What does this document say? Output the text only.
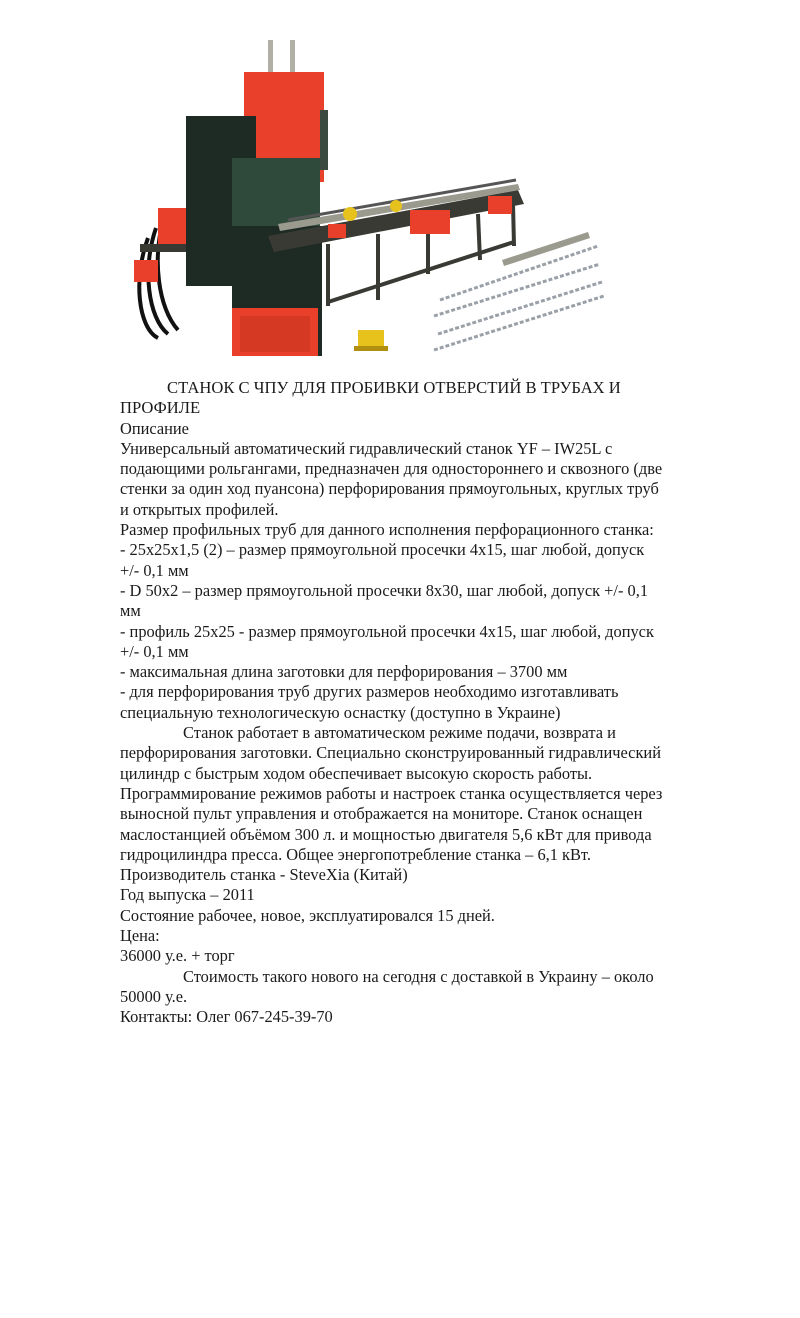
СТАНОК С ЧПУ ДЛЯ ПРОБИВКИ ОТВЕРСТИЙ В ТРУБАХ И

ПРОФИЛЕ

Описание

Универсальный автоматический гидравлический станок YF – IW25L с

подающими рольгангами, предназначен для одностороннего и сквозного (две

стенки за один ход пуансона) перфорирования прямоугольных, круглых труб

и открытых профилей.

Размер профильных труб для данного исполнения перфорационного станка:

- 25x25x1,5 (2) – размер прямоугольной просечки 4x15, шаг любой, допуск

+/- 0,1 мм

- D 50x2 – размер прямоугольной просечки 8x30, шаг любой, допуск +/- 0,1

мм

- профиль 25x25 - размер прямоугольной просечки 4x15, шаг любой, допуск

+/- 0,1 мм

- максимальная длина заготовки для перфорирования – 3700 мм

- для перфорирования труб других размеров необходимо изготавливать

специальную технологическую оснастку (доступно в Украине)

Станок работает в автоматическом режиме подачи, возврата и

перфорирования заготовки. Специально сконструированный гидравлический

цилиндр с быстрым ходом обеспечивает высокую скорость работы.

Программирование режимов работы и настроек станка осуществляется через

выносной пульт управления и отображается на мониторе. Станок оснащен

маслостанцией объёмом 300 л. и мощностью двигателя 5,6 кВт для привода

гидроцилиндра пресса. Общее энергопотребление станка – 6,1 кВт.

Производитель станка - SteveXia (Китай)

Год выпуска – 2011

Состояние рабочее, новое, эксплуатировался 15 дней.

Цена:

36000 у.е. + торг

Стоимость такого нового на сегодня с доставкой в Украину – около

50000 у.е.

Контакты: Олег 067-245-39-70
